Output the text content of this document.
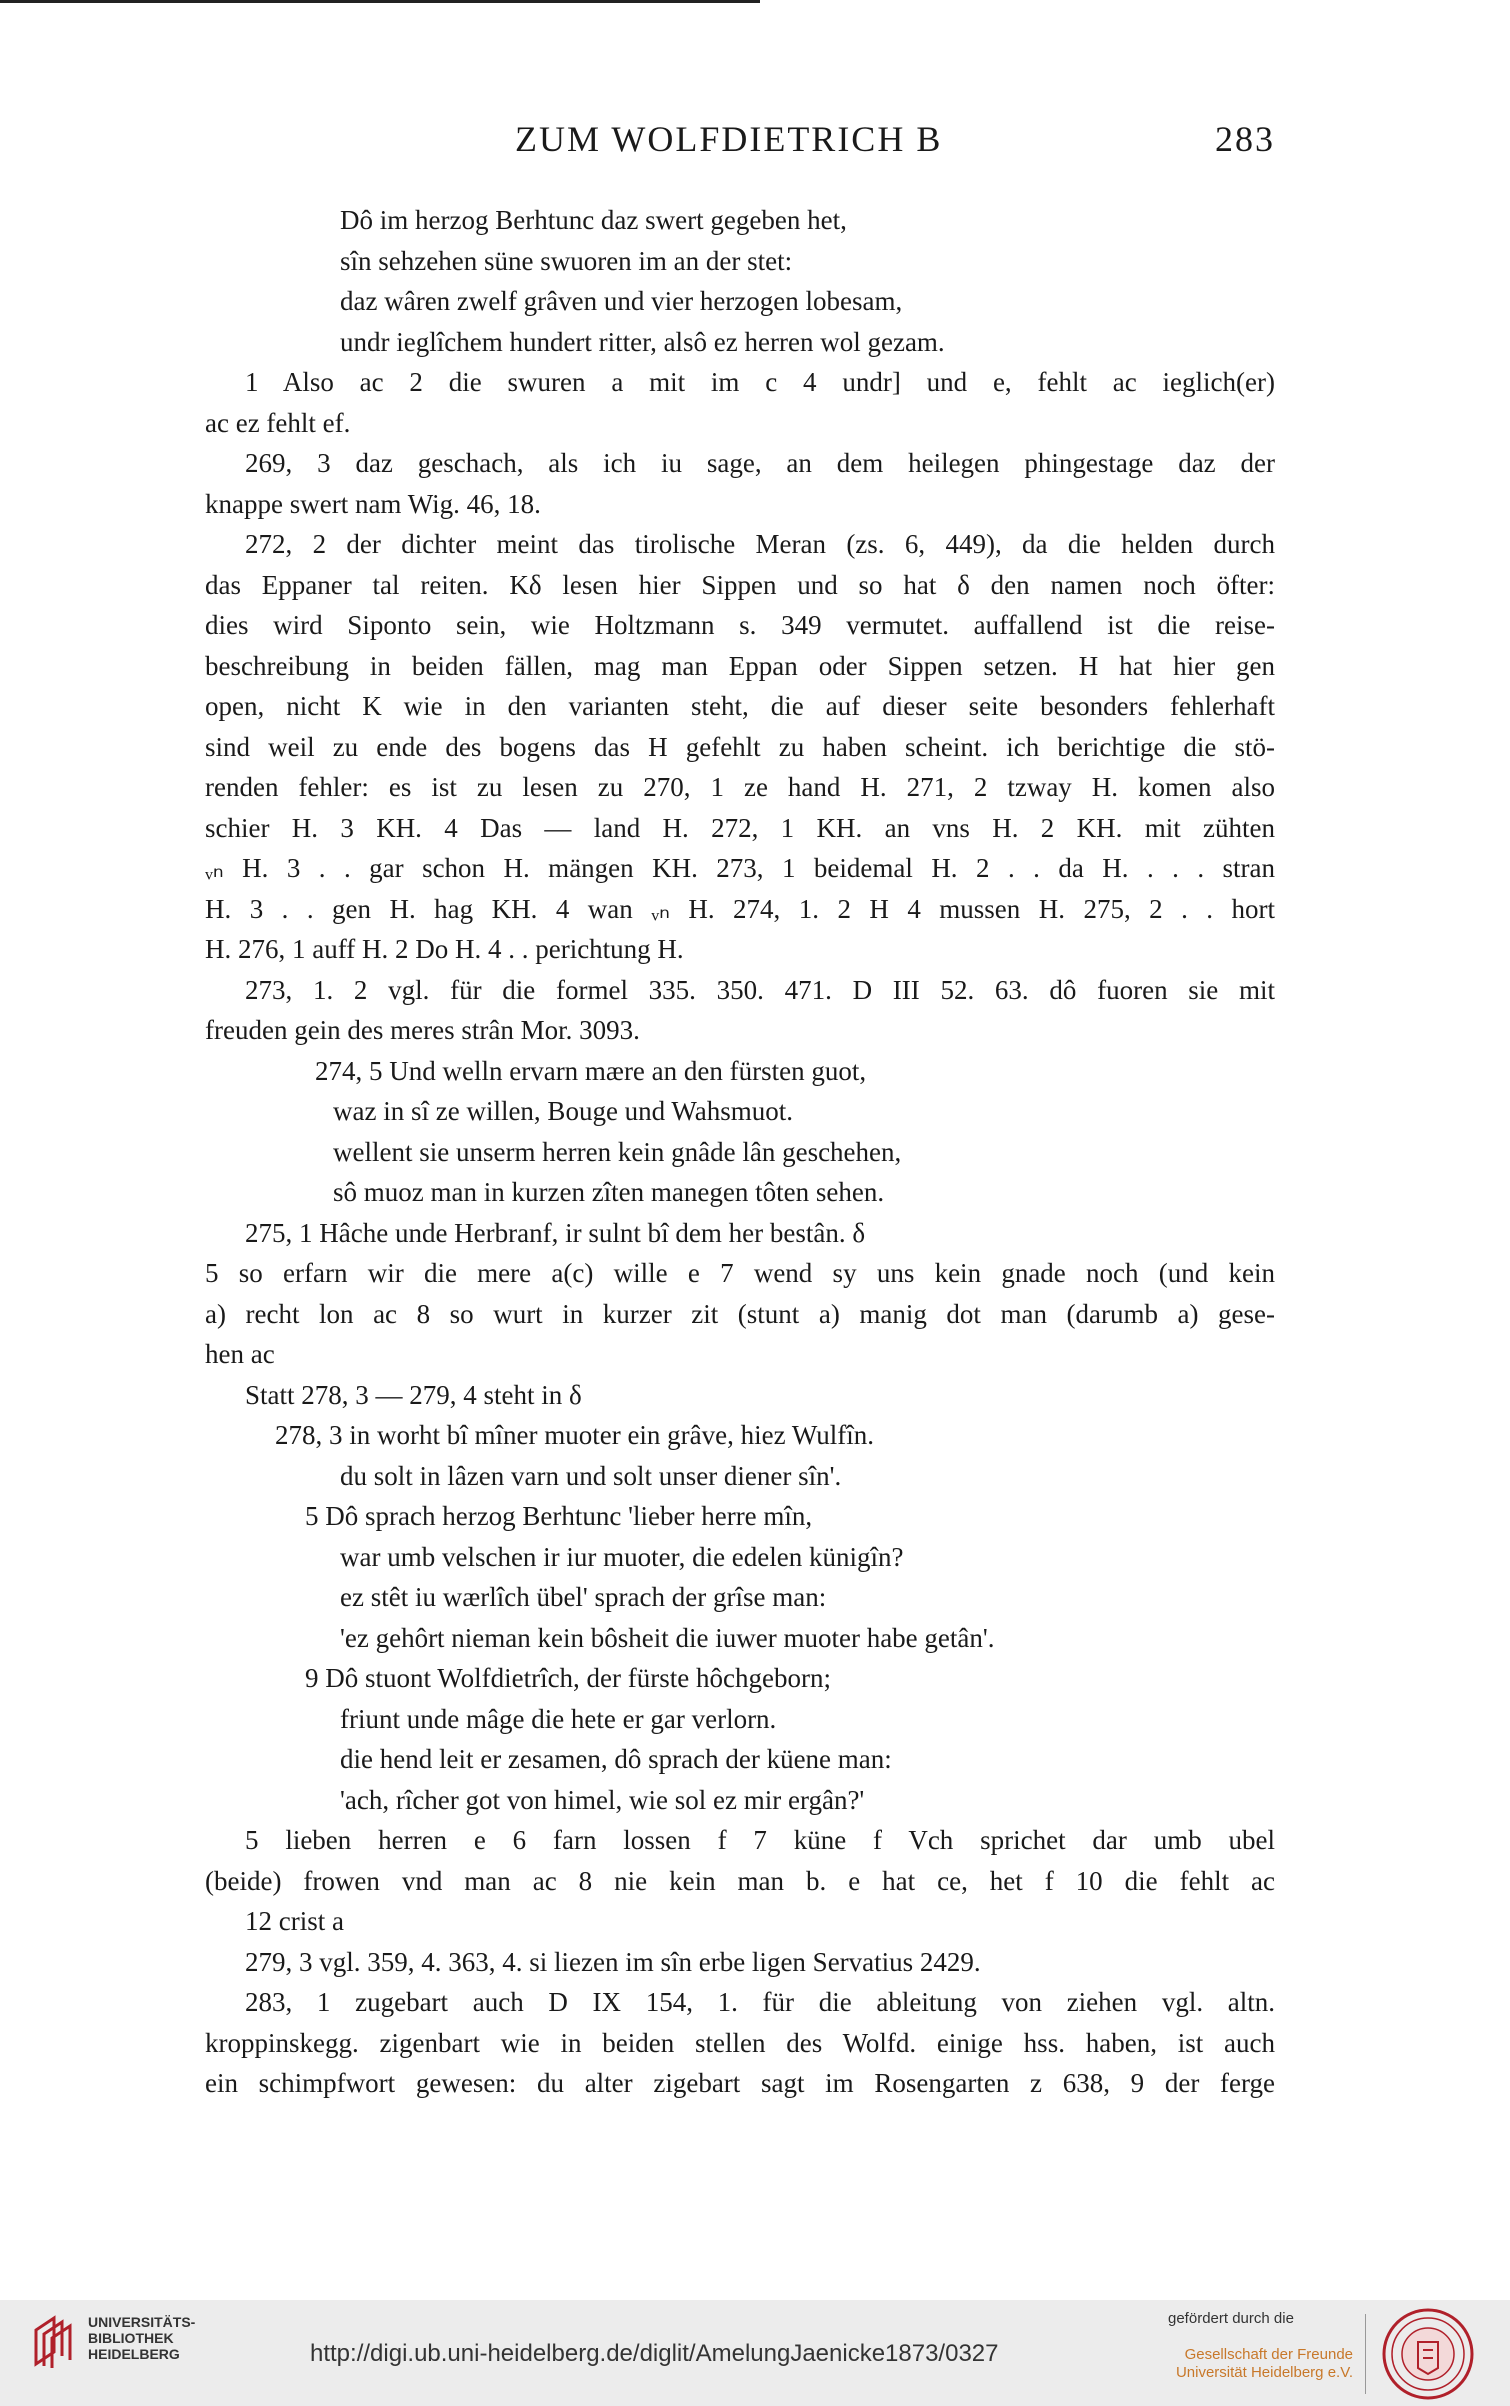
ZUM WOLFDIETRICH B	283
Dô im herzog Berhtunc daz swert gegeben het,
sîn sehzehen süne swuoren im an der stet:
daz wâren zwelf grâven und vier herzogen lobesam,
undr ieglîchem hundert ritter, alsô ez herren wol gezam.
1 Also ac 2 die swuren a mit im c 4 undr] und e, fehlt ac ieglich(er)
ac ez fehlt ef.
269, 3 daz geschach, als ich iu sage, an dem heilegen phingestage daz der
knappe swert nam Wig. 46, 18.
272, 2 der dichter meint das tirolische Meran (zs. 6, 449), da die helden durch
das Eppaner tal reiten. Kδ lesen hier Sippen und so hat δ den namen noch öfter:
dies wird Siponto sein, wie Holtzmann s. 349 vermutet. auffallend ist die reise-
beschreibung in beiden fällen, mag man Eppan oder Sippen setzen. H hat hier gen
open, nicht K wie in den varianten steht, die auf dieser seite besonders fehlerhaft
sind weil zu ende des bogens das H gefehlt zu haben scheint. ich berichtige die stö-
renden fehler: es ist zu lesen zu 270, 1 ze hand H. 271, 2 tzway H. komen also
schier H. 3 KH. 4 Das — land H. 272, 1 KH. an vns H. 2 KH. mit zühten
ᵥₙ H. 3 . . gar schon H. mängen KH. 273, 1 beidemal H. 2 . . da H. . . . stran
H. 3 . . gen H. hag KH. 4 wan ᵥₙ H. 274, 1. 2 H 4 mussen H. 275, 2 . . hort
H. 276, 1 auff H. 2 Do H. 4 . . perichtung H.
273, 1. 2 vgl. für die formel 335. 350. 471. D III 52. 63. dô fuoren sie mit
freuden gein des meres strân Mor. 3093.
274, 5 Und welln ervarn mære an den fürsten guot,
waz in sî ze willen, Bouge und Wahsmuot.
wellent sie unserm herren kein gnâde lân geschehen,
sô muoz man in kurzen zîten manegen tôten sehen.
275, 1 Hâche unde Herbranf, ir sulnt bî dem her bestân. δ
5 so erfarn wir die mere a(c) wille e 7 wend sy uns kein gnade noch (und kein
a) recht lon ac 8 so wurt in kurzer zit (stunt a) manig dot man (darumb a) gese-
hen ac
Statt 278, 3 — 279, 4 steht in δ
278, 3 in worht bî mîner muoter ein grâve, hiez Wulfîn.
du solt in lâzen varn und solt unser diener sîn'.
5 Dô sprach herzog Berhtunc 'lieber herre mîn,
war umb velschen ir iur muoter, die edelen künigîn?
ez stêt iu wærlîch übel' sprach der grîse man:
'ez gehôrt nieman kein bôsheit die iuwer muoter habe getân'.
9 Dô stuont Wolfdietrîch, der fürste hôchgeborn;
friunt unde mâge die hete er gar verlorn.
die hend leit er zesamen, dô sprach der küene man:
'ach, rîcher got von himel, wie sol ez mir ergân?'
5 lieben herren e 6 farn lossen f 7 küne f Vch sprichet dar umb ubel
(beide) frowen vnd man ac 8 nie kein man b. e hat ce, het f 10 die fehlt ac
12 crist a
279, 3 vgl. 359, 4. 363, 4. si liezen im sîn erbe ligen Servatius 2429.
283, 1 zugebart auch D IX 154, 1. für die ableitung von ziehen vgl. altn.
kroppinskegg. zigenbart wie in beiden stellen des Wolfd. einige hss. haben, ist auch
ein schimpfwort gewesen: du alter zigebart sagt im Rosengarten z 638, 9 der ferge
UNIVERSITÄTS-
BIBLIOTHEK
HEIDELBERG	http://digi.ub.uni-heidelberg.de/diglit/AmelungJaenicke1873/0327
gefördert durch die
Gesellschaft der Freunde
Universität Heidelberg e.V.
